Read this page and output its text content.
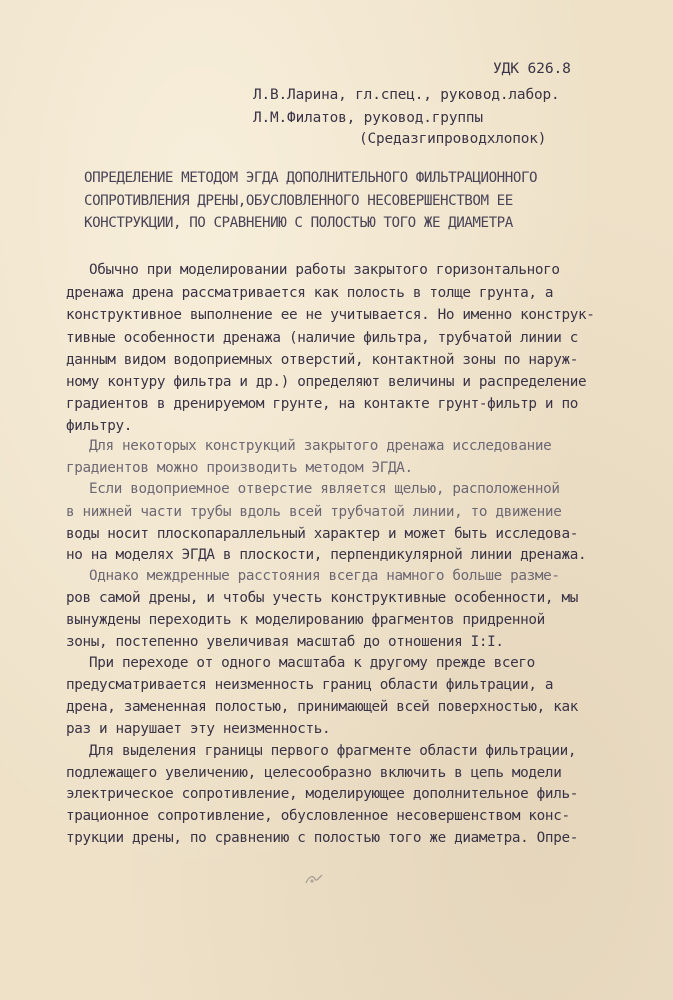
УДК 626.8
Л.В.Ларина, гл.спец., руковод.лабор.
Л.М.Филатов, руковод.группы
(Средазгипроводхлопок)
ОПРЕДЕЛЕНИЕ МЕТОДОМ ЭГДА ДОПОЛНИТЕЛЬНОГО ФИЛЬТРАЦИОННОГО
СОПРОТИВЛЕНИЯ ДРЕНЫ,ОБУСЛОВЛЕННОГО НЕСОВЕРШЕНСТВОМ ЕЕ
КОНСТРУКЦИИ, ПО СРАВНЕНИЮ С ПОЛОСТЬЮ ТОГО ЖЕ ДИАМЕТРА
Обычно при моделировании работы закрытого горизонтального
дренажа дрена рассматривается как полость в толще грунта, а
конструктивное выполнение ее не учитывается. Но именно конструк-
тивные особенности дренажа (наличие фильтра, трубчатой линии с
данным видом водоприемных отверстий, контактной зоны по наруж-
ному контуру фильтра и др.) определяют величины и распределение
градиентов в дренируемом грунте, на контакте грунт-фильтр и по
фильтру.
Для некоторых конструкций закрытого дренажа исследование
градиентов можно производить методом ЭГДА.
Если водоприемное отверстие является щелью, расположенной
в нижней части трубы вдоль всей трубчатой линии, то движение
воды носит плоскопараллельный характер и может быть исследова-
но на моделях ЭГДА в плоскости, перпендикулярной линии дренажа.
Однако междренные расстояния всегда намного больше разме-
ров самой дрены, и чтобы учесть конструктивные особенности, мы
вынуждены переходить к моделированию фрагментов придренной
зоны, постепенно увеличивая масштаб до отношения I:I.
При переходе от одного масштаба к другому прежде всего
предусматривается неизменность границ области фильтрации, а
дрена, замененная полостью, принимающей всей поверхностью, как
раз и нарушает эту неизменность.
Для выделения границы первого фрагменте области фильтрации,
подлежащего увеличению, целесообразно включить в цепь модели
электрическое сопротивление, моделирующее дополнительное филь-
трационное сопротивление, обусловленное несовершенством конс-
трукции дрены, по сравнению с полостью того же диаметра. Опре-
